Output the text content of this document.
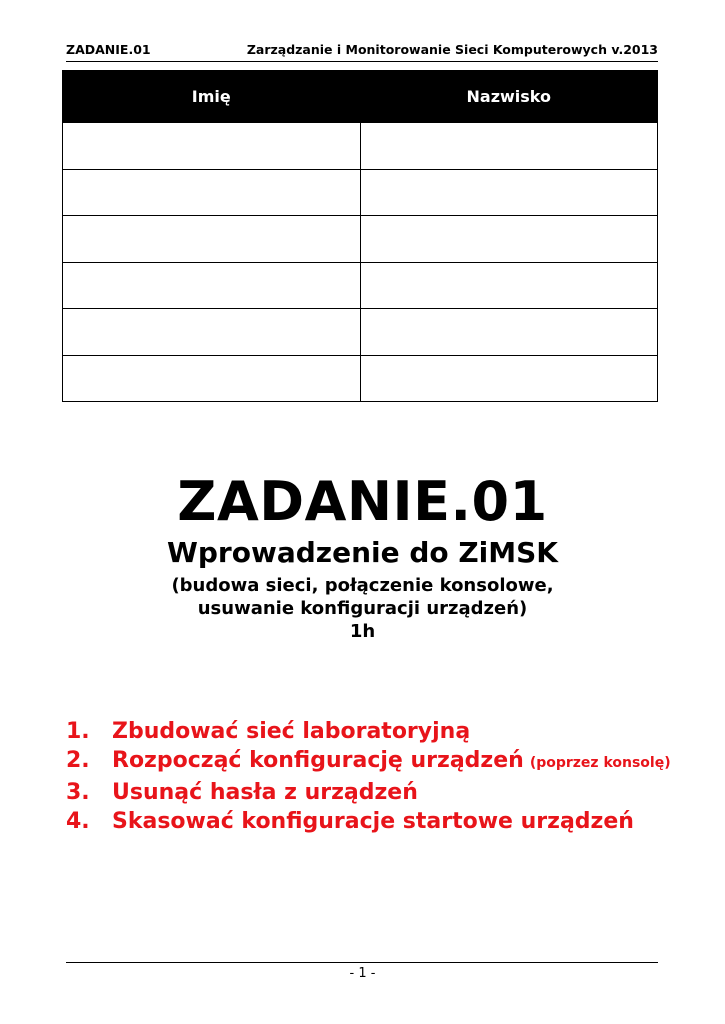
ZADANIE.01	Zarządzanie i Monitorowanie Sieci Komputerowych v.2013
Imię	Nazwisko

ZADANIE.01
Wprowadzenie do ZiMSK
(budowa sieci, połączenie konsolowe,
usuwanie konfiguracji urządzeń)
1h
1. Zbudować sieć laboratoryjną
2. Rozpocząć konfigurację urządzeń (poprzez konsolę)
3. Usunąć hasła z urządzeń
4. Skasować konfiguracje startowe urządzeń
- 1 -
